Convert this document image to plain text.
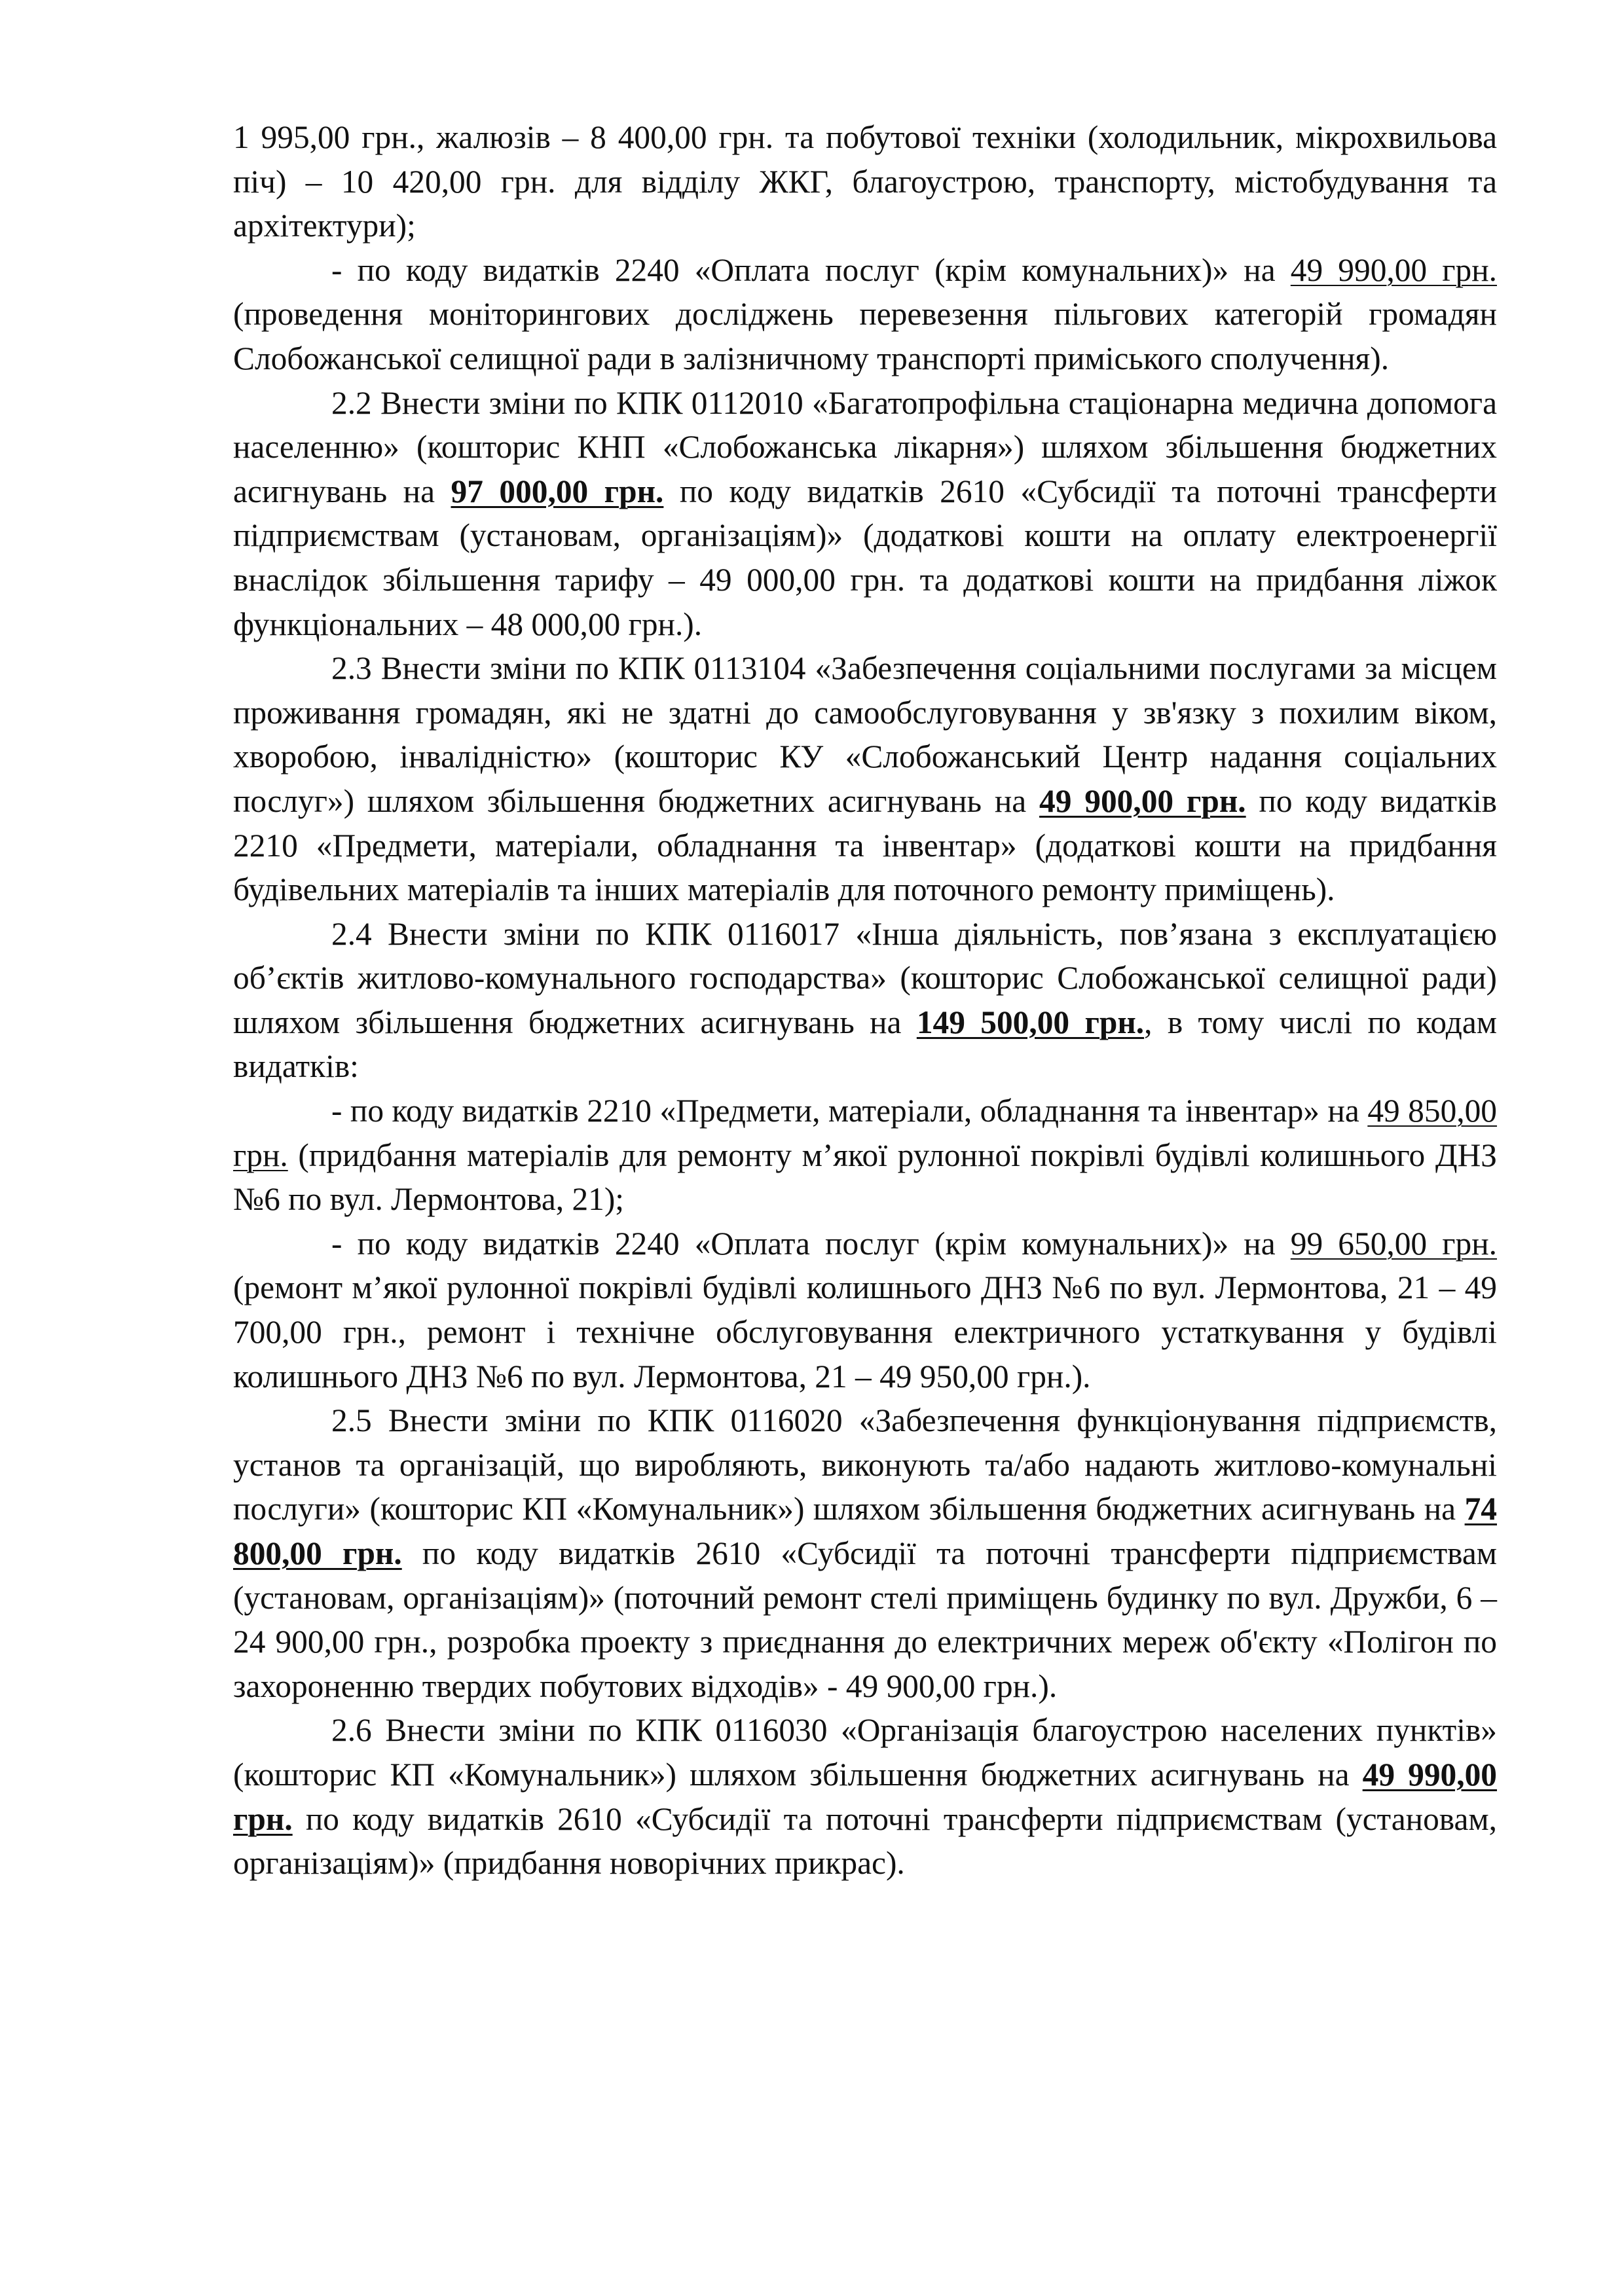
1 995,00 грн., жалюзів – 8 400,00 грн. та побутової техніки (холодильник, мікрохвильова піч) – 10 420,00 грн. для відділу ЖКГ, благоустрою, транспорту, містобудування та архітектури);

- по коду видатків 2240 «Оплата послуг (крім комунальних)» на 49 990,00 грн. (проведення моніторингових досліджень перевезення пільгових категорій громадян Слобожанської селищної ради в залізничному транспорті приміського сполучення).

2.2 Внести зміни по КПК 0112010 «Багатопрофільна стаціонарна медична допомога населенню» (кошторис КНП «Слобожанська лікарня») шляхом збільшення бюджетних асигнувань на 97 000,00 грн. по коду видатків 2610 «Субсидії та поточні трансферти підприємствам (установам, організаціям)» (додаткові кошти на оплату електроенергії внаслідок збільшення тарифу – 49 000,00 грн. та додаткові кошти на придбання ліжок функціональних – 48 000,00 грн.).

2.3 Внести зміни по КПК 0113104 «Забезпечення соціальними послугами за місцем проживання громадян, які не здатні до самообслуговування у зв'язку з похилим віком, хворобою, інвалідністю» (кошторис КУ «Слобожанський Центр надання соціальних послуг») шляхом збільшення бюджетних асигнувань на 49 900,00 грн. по коду видатків 2210 «Предмети, матеріали, обладнання та інвентар» (додаткові кошти на придбання будівельних матеріалів та інших матеріалів для поточного ремонту приміщень).

2.4 Внести зміни по КПК 0116017 «Інша діяльність, пов’язана з експлуатацією об’єктів житлово-комунального господарства» (кошторис Слобожанської селищної ради) шляхом збільшення бюджетних асигнувань на 149 500,00 грн., в тому числі по кодам видатків:

- по коду видатків 2210 «Предмети, матеріали, обладнання та інвентар» на 49 850,00 грн. (придбання матеріалів для ремонту м’якої рулонної покрівлі будівлі колишнього ДНЗ №6 по вул. Лермонтова, 21);

- по коду видатків 2240 «Оплата послуг (крім комунальних)» на 99 650,00 грн. (ремонт м’якої рулонної покрівлі будівлі колишнього ДНЗ №6 по вул. Лермонтова, 21 – 49 700,00 грн., ремонт і технічне обслуговування електричного устаткування у будівлі колишнього ДНЗ №6 по вул. Лермонтова, 21 – 49 950,00 грн.).

2.5 Внести зміни по КПК 0116020 «Забезпечення функціонування підприємств, установ та організацій, що виробляють, виконують та/або надають житлово-комунальні послуги» (кошторис КП «Комунальник») шляхом збільшення бюджетних асигнувань на 74 800,00 грн. по коду видатків 2610 «Субсидії та поточні трансферти підприємствам (установам, організаціям)» (поточний ремонт стелі приміщень будинку по вул. Дружби, 6 – 24 900,00 грн., розробка проекту з приєднання до електричних мереж об'єкту «Полігон по захороненню твердих побутових відходів» - 49 900,00 грн.).

2.6 Внести зміни по КПК 0116030 «Організація благоустрою населених пунктів» (кошторис КП «Комунальник») шляхом збільшення бюджетних асигнувань на 49 990,00 грн. по коду видатків 2610 «Субсидії та поточні трансферти підприємствам (установам, організаціям)» (придбання новорічних прикрас).
